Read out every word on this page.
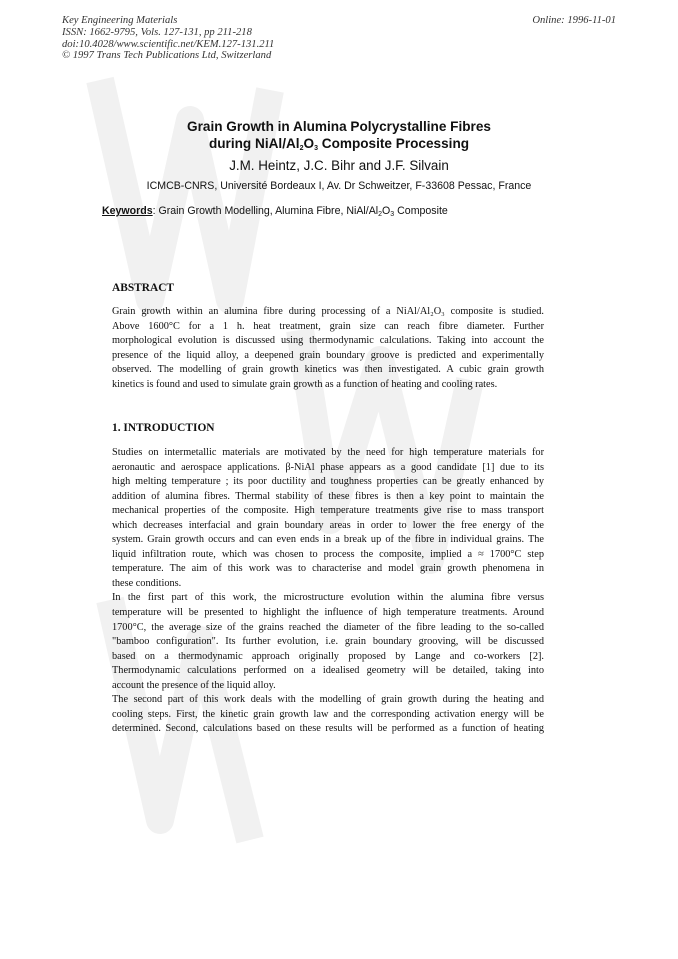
Key Engineering Materials
ISSN: 1662-9795, Vols. 127-131, pp 211-218
doi:10.4028/www.scientific.net/KEM.127-131.211
© 1997 Trans Tech Publications Ltd, Switzerland
Online: 1996-11-01
Grain Growth in Alumina Polycrystalline Fibres
during NiAl/$Al_2O_3$ Composite Processing
J.M. Heintz, J.C. Bihr and J.F. Silvain
ICMCB-CNRS, Université Bordeaux I, Av. Dr Schweitzer, F-33608 Pessac, France
Keywords: Grain Growth Modelling, Alumina Fibre, NiAl/$Al_2O_3$ Composite
ABSTRACT
Grain growth within an alumina fibre during processing of a NiAl/Al₂O₃ composite is studied.
Above 1600°C for a 1 h. heat treatment, grain size can reach fibre diameter. Further
morphological evolution is discussed using thermodynamic calculations. Taking into account the
presence of the liquid alloy, a deepened grain boundary groove is predicted and experimentally
observed. The modelling of grain growth kinetics was then investigated. A cubic grain growth
kinetics is found and used to simulate grain growth as a function of heating and cooling rates.
1. INTRODUCTION
Studies on intermetallic materials are motivated by the need for high temperature materials for
aeronautic and aerospace applications. β-NiAl phase appears as a good candidate [1] due to its
high melting temperature ; its poor ductility and toughness properties can be greatly enhanced by
addition of alumina fibres. Thermal stability of these fibres is then a key point to maintain the
mechanical properties of the composite. High temperature treatments give rise to mass transport
which decreases interfacial and grain boundary areas in order to lower the free energy of the
system. Grain growth occurs and can even ends in a break up of the fibre in individual grains. The
liquid infiltration route, which was chosen to process the composite, implied a ≈ 1700°C step
temperature. The aim of this work was to characterise and model grain growth phenomena in
these conditions.
In the first part of this work, the microstructure evolution within the alumina fibre versus
temperature will be presented to highlight the influence of high temperature treatments. Around
1700°C, the average size of the grains reached the diameter of the fibre leading to the so-called
"bamboo configuration". Its further evolution, i.e. grain boundary grooving, will be discussed
based on a thermodynamic approach originally proposed by Lange and co-workers [2].
Thermodynamic calculations performed on a idealised geometry will be detailed, taking into
account the presence of the liquid alloy.
The second part of this work deals with the modelling of grain growth during the heating and
cooling steps. First, the kinetic grain growth law and the corresponding activation energy will be
determined. Second, calculations based on these results will be performed as a function of heating
